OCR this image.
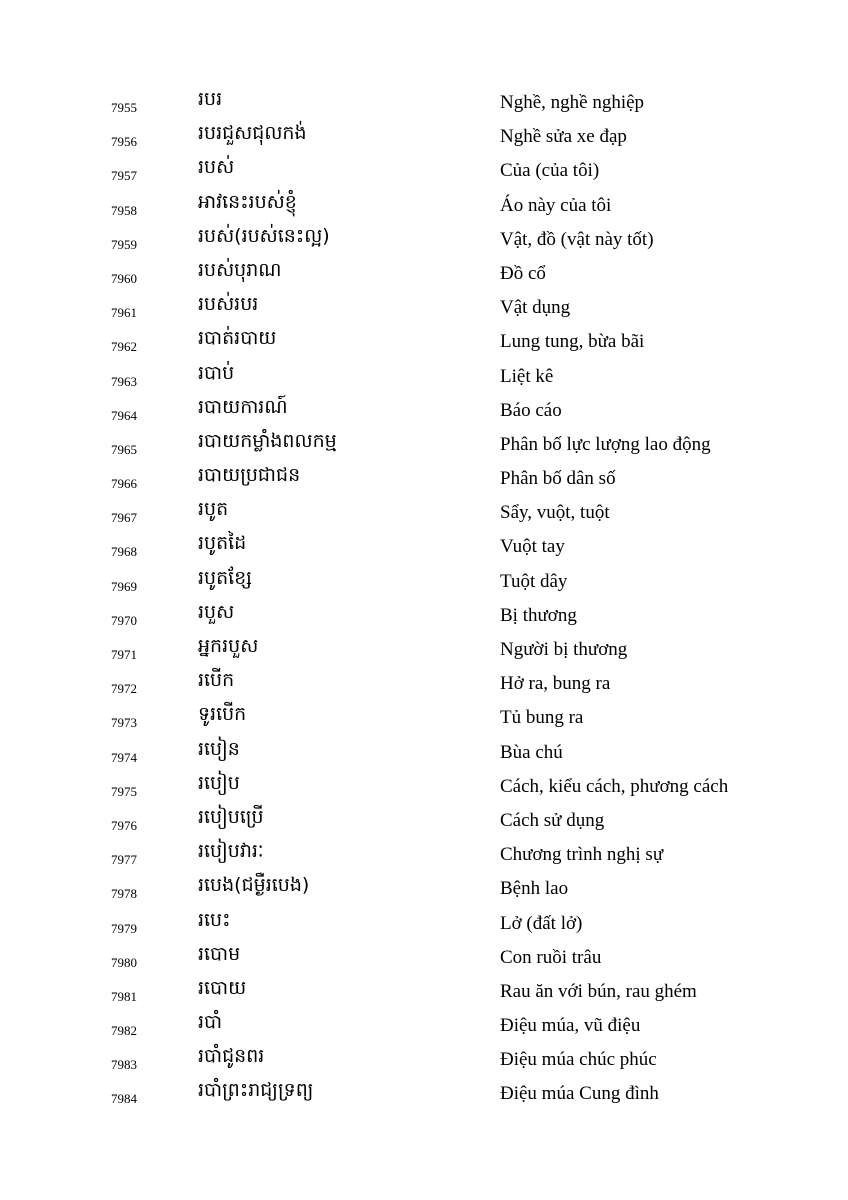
7955	របរ	Nghề, nghề nghiệp
7956	របរជួសជុលកង់	Nghề sửa xe đạp
7957	របស់	Của (của tôi)
7958	អាវនេះរបស់ខ្ញុំ	Áo này của tôi
7959	របស់(របស់នេះល្អ)	Vật, đồ (vật này tốt)
7960	របស់បុរាណ	Đồ cổ
7961	របស់របរ	Vật dụng
7962	របាត់របាយ	Lung tung, bừa bãi
7963	របាប់	Liệt kê
7964	របាយការណ៍	Báo cáo
7965	របាយកម្លាំងពលកម្ម	Phân bố lực lượng lao động
7966	របាយប្រជាជន	Phân bố dân số
7967	របូត	Sẩy, vuột, tuột
7968	របូតដៃ	Vuột tay
7969	របូតខ្សែ	Tuột dây
7970	របួស	Bị thương
7971	អ្នករបួស	Người bị thương
7972	របើក	Hở ra, bung ra
7973	ទូរបើក	Tủ bung ra
7974	របៀន	Bùa chú
7975	របៀប	Cách, kiểu cách, phương cách
7976	របៀបប្រើ	Cách sử dụng
7977	របៀបវារៈ	Chương trình nghị sự
7978	របេង(ជម្ងឺរបេង)	Bệnh lao
7979	របេះ	Lở (đất lở)
7980	របោម	Con ruồi trâu
7981	របោយ	Rau ăn với bún, rau ghém
7982	របាំ	Điệu múa, vũ điệu
7983	របាំជូនពរ	Điệu múa chúc phúc
7984	របាំព្រះរាជ្យទ្រព្យ	Điệu múa Cung đình
